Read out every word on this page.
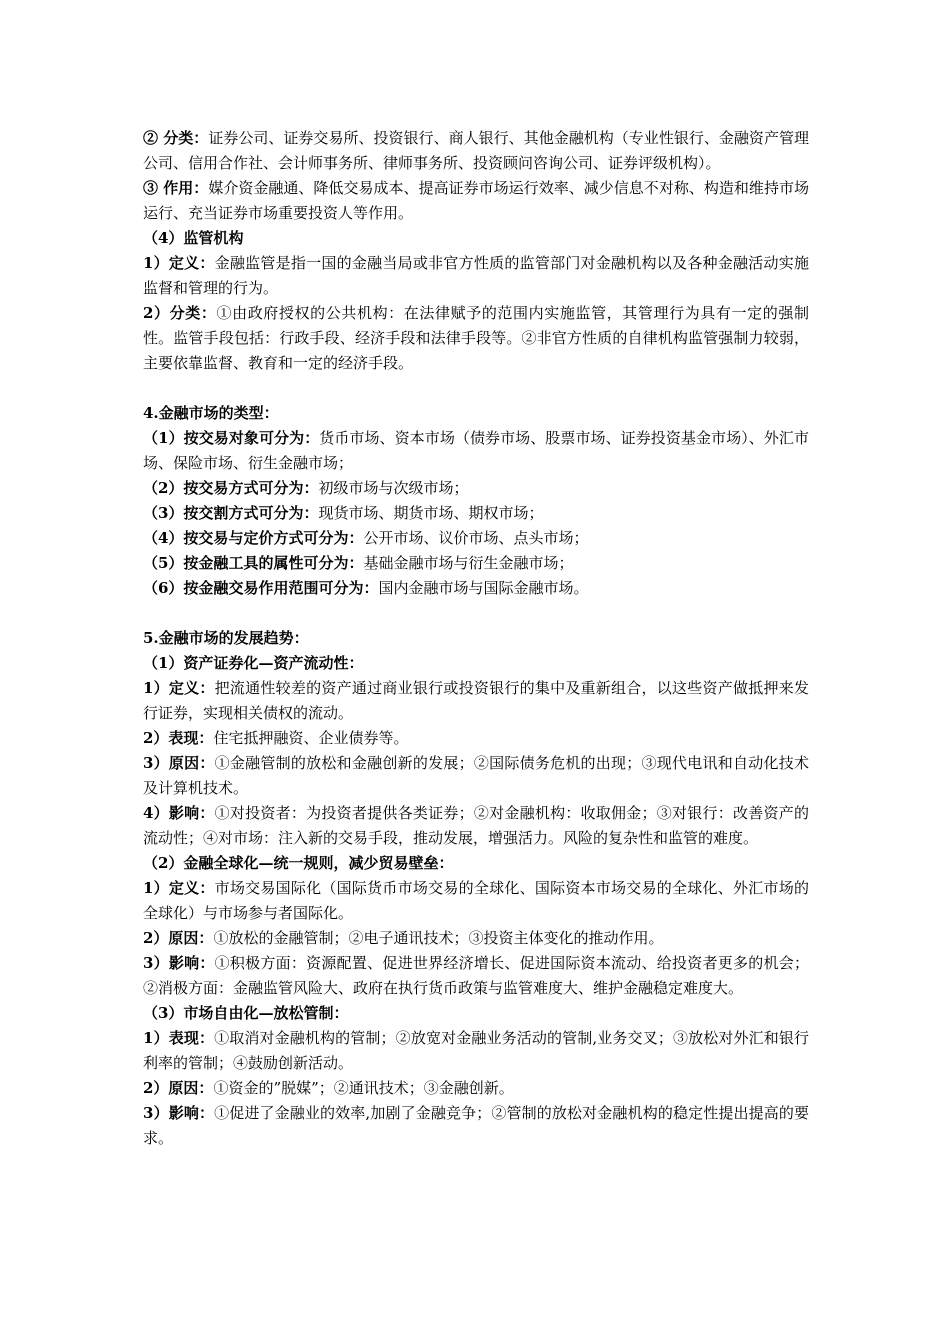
② 分类：证券公司、证券交易所、投资银行、商人银行、其他金融机构（专业性银行、金融资产管理公司、信用合作社、会计师事务所、律师事务所、投资顾问咨询公司、证券评级机构）。

③ 作用：媒介资金融通、降低交易成本、提高证券市场运行效率、减少信息不对称、构造和维持市场运行、充当证券市场重要投资人等作用。

（4）监管机构

1）定义：金融监管是指一国的金融当局或非官方性质的监管部门对金融机构以及各种金融活动实施监督和管理的行为。

2）分类：①由政府授权的公共机构：在法律赋予的范围内实施监管，其管理行为具有一定的强制性。监管手段包括：行政手段、经济手段和法律手段等。②非官方性质的自律机构监管强制力较弱，主要依靠监督、教育和一定的经济手段。

4.金融市场的类型：

（1）按交易对象可分为：货币市场、资本市场（债券市场、股票市场、证券投资基金市场）、外汇市场、保险市场、衍生金融市场；

（2）按交易方式可分为：初级市场与次级市场；

（3）按交割方式可分为：现货市场、期货市场、期权市场；

（4）按交易与定价方式可分为：公开市场、议价市场、点头市场；

（5）按金融工具的属性可分为：基础金融市场与衍生金融市场；

（6）按金融交易作用范围可分为：国内金融市场与国际金融市场。

5.金融市场的发展趋势：

（1）资产证券化—资产流动性：

1）定义：把流通性较差的资产通过商业银行或投资银行的集中及重新组合，以这些资产做抵押来发行证券，实现相关债权的流动。

2）表现：住宅抵押融资、企业债券等。

3）原因：①金融管制的放松和金融创新的发展；②国际债务危机的出现；③现代电讯和自动化技术及计算机技术。

4）影响：①对投资者：为投资者提供各类证券；②对金融机构：收取佣金；③对银行：改善资产的流动性；④对市场：注入新的交易手段，推动发展，增强活力。风险的复杂性和监管的难度。

（2）金融全球化—统一规则，减少贸易壁垒：

1）定义：市场交易国际化（国际货币市场交易的全球化、国际资本市场交易的全球化、外汇市场的全球化）与市场参与者国际化。

2）原因：①放松的金融管制；②电子通讯技术；③投资主体变化的推动作用。

3）影响：①积极方面：资源配置、促进世界经济增长、促进国际资本流动、给投资者更多的机会；②消极方面：金融监管风险大、政府在执行货币政策与监管难度大、维护金融稳定难度大。

（3）市场自由化—放松管制：

1）表现：①取消对金融机构的管制；②放宽对金融业务活动的管制,业务交叉；③放松对外汇和银行利率的管制；④鼓励创新活动。

2）原因：①资金的”脱媒”；②通讯技术；③金融创新。

3）影响：①促进了金融业的效率,加剧了金融竞争；②管制的放松对金融机构的稳定性提出提高的要求。
